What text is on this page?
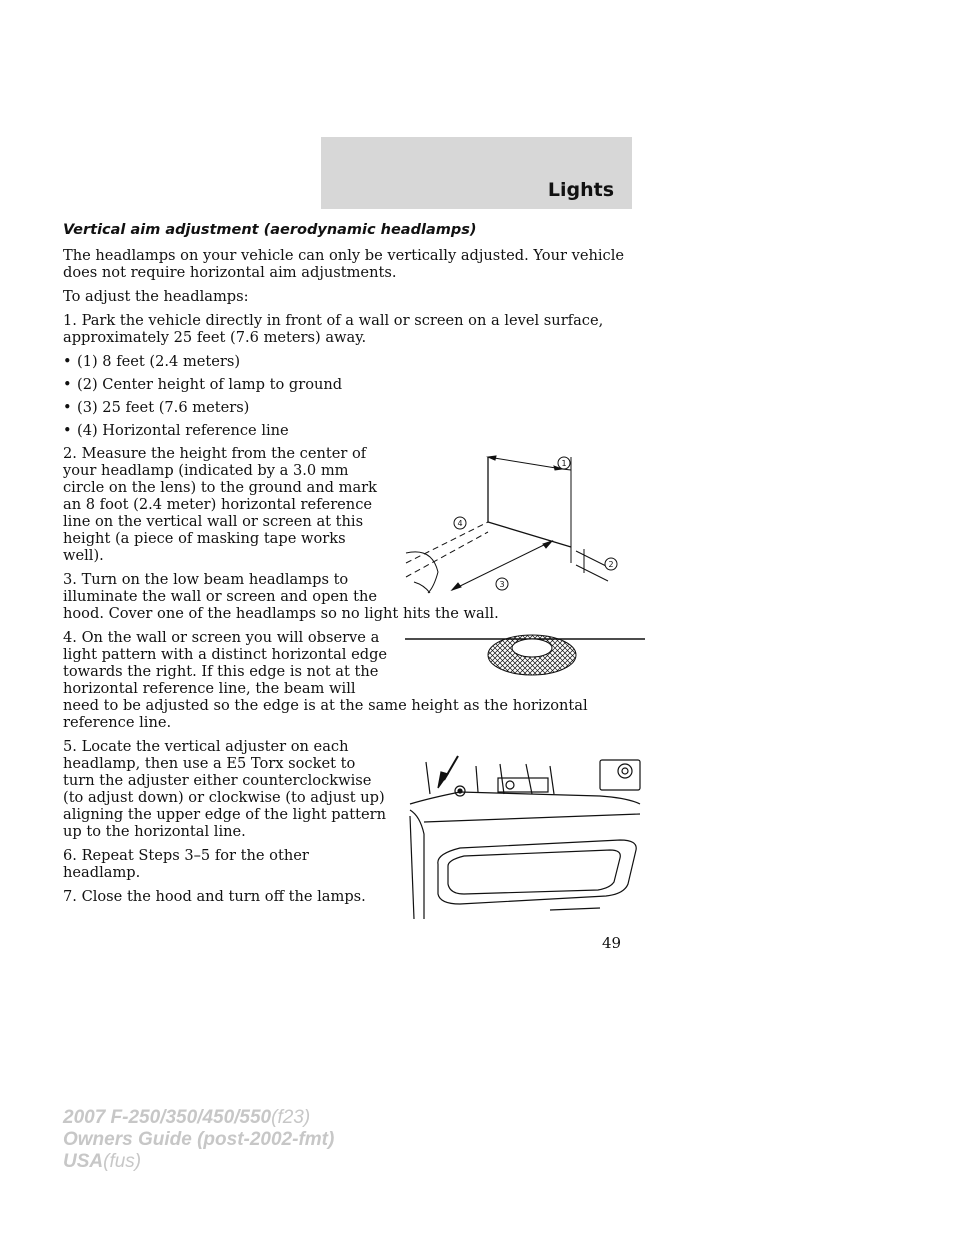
Lights
Vertical aim adjustment (aerodynamic headlamps)

The headlamps on your vehicle can only be vertically adjusted. Your vehicle does not require horizontal aim adjustments.

To adjust the headlamps:

1. Park the vehicle directly in front of a wall or screen on a level surface, approximately 25 feet (7.6 meters) away.

• (1) 8 feet (2.4 meters)
• (2) Center height of lamp to ground
• (3) 25 feet (7.6 meters)
• (4) Horizontal reference line
1
2
3
4

2. Measure the height from the center of your headlamp (indicated by a 3.0 mm circle on the lens) to the ground and mark an 8 foot (2.4 meter) horizontal reference line on the vertical wall or screen at this height (a piece of masking tape works well).

3. Turn on the low beam headlamps to illuminate the wall or screen and open the hood. Cover one of the headlamps so no light hits the wall.

4. On the wall or screen you will observe a light pattern with a distinct horizontal edge towards the right. If this edge is not at the horizontal reference line, the beam will need to be adjusted so the edge is at the same height as the horizontal reference line.

5. Locate the vertical adjuster on each headlamp, then use a E5 Torx socket to turn the adjuster either counterclockwise (to adjust down) or clockwise (to adjust up) aligning the upper edge of the light pattern up to the horizontal line.

6. Repeat Steps 3–5 for the other headlamp.

7. Close the hood and turn off the lamps.

49
2007 F-250/350/450/550(f23)
Owners Guide (post-2002-fmt)
USA(fus)
